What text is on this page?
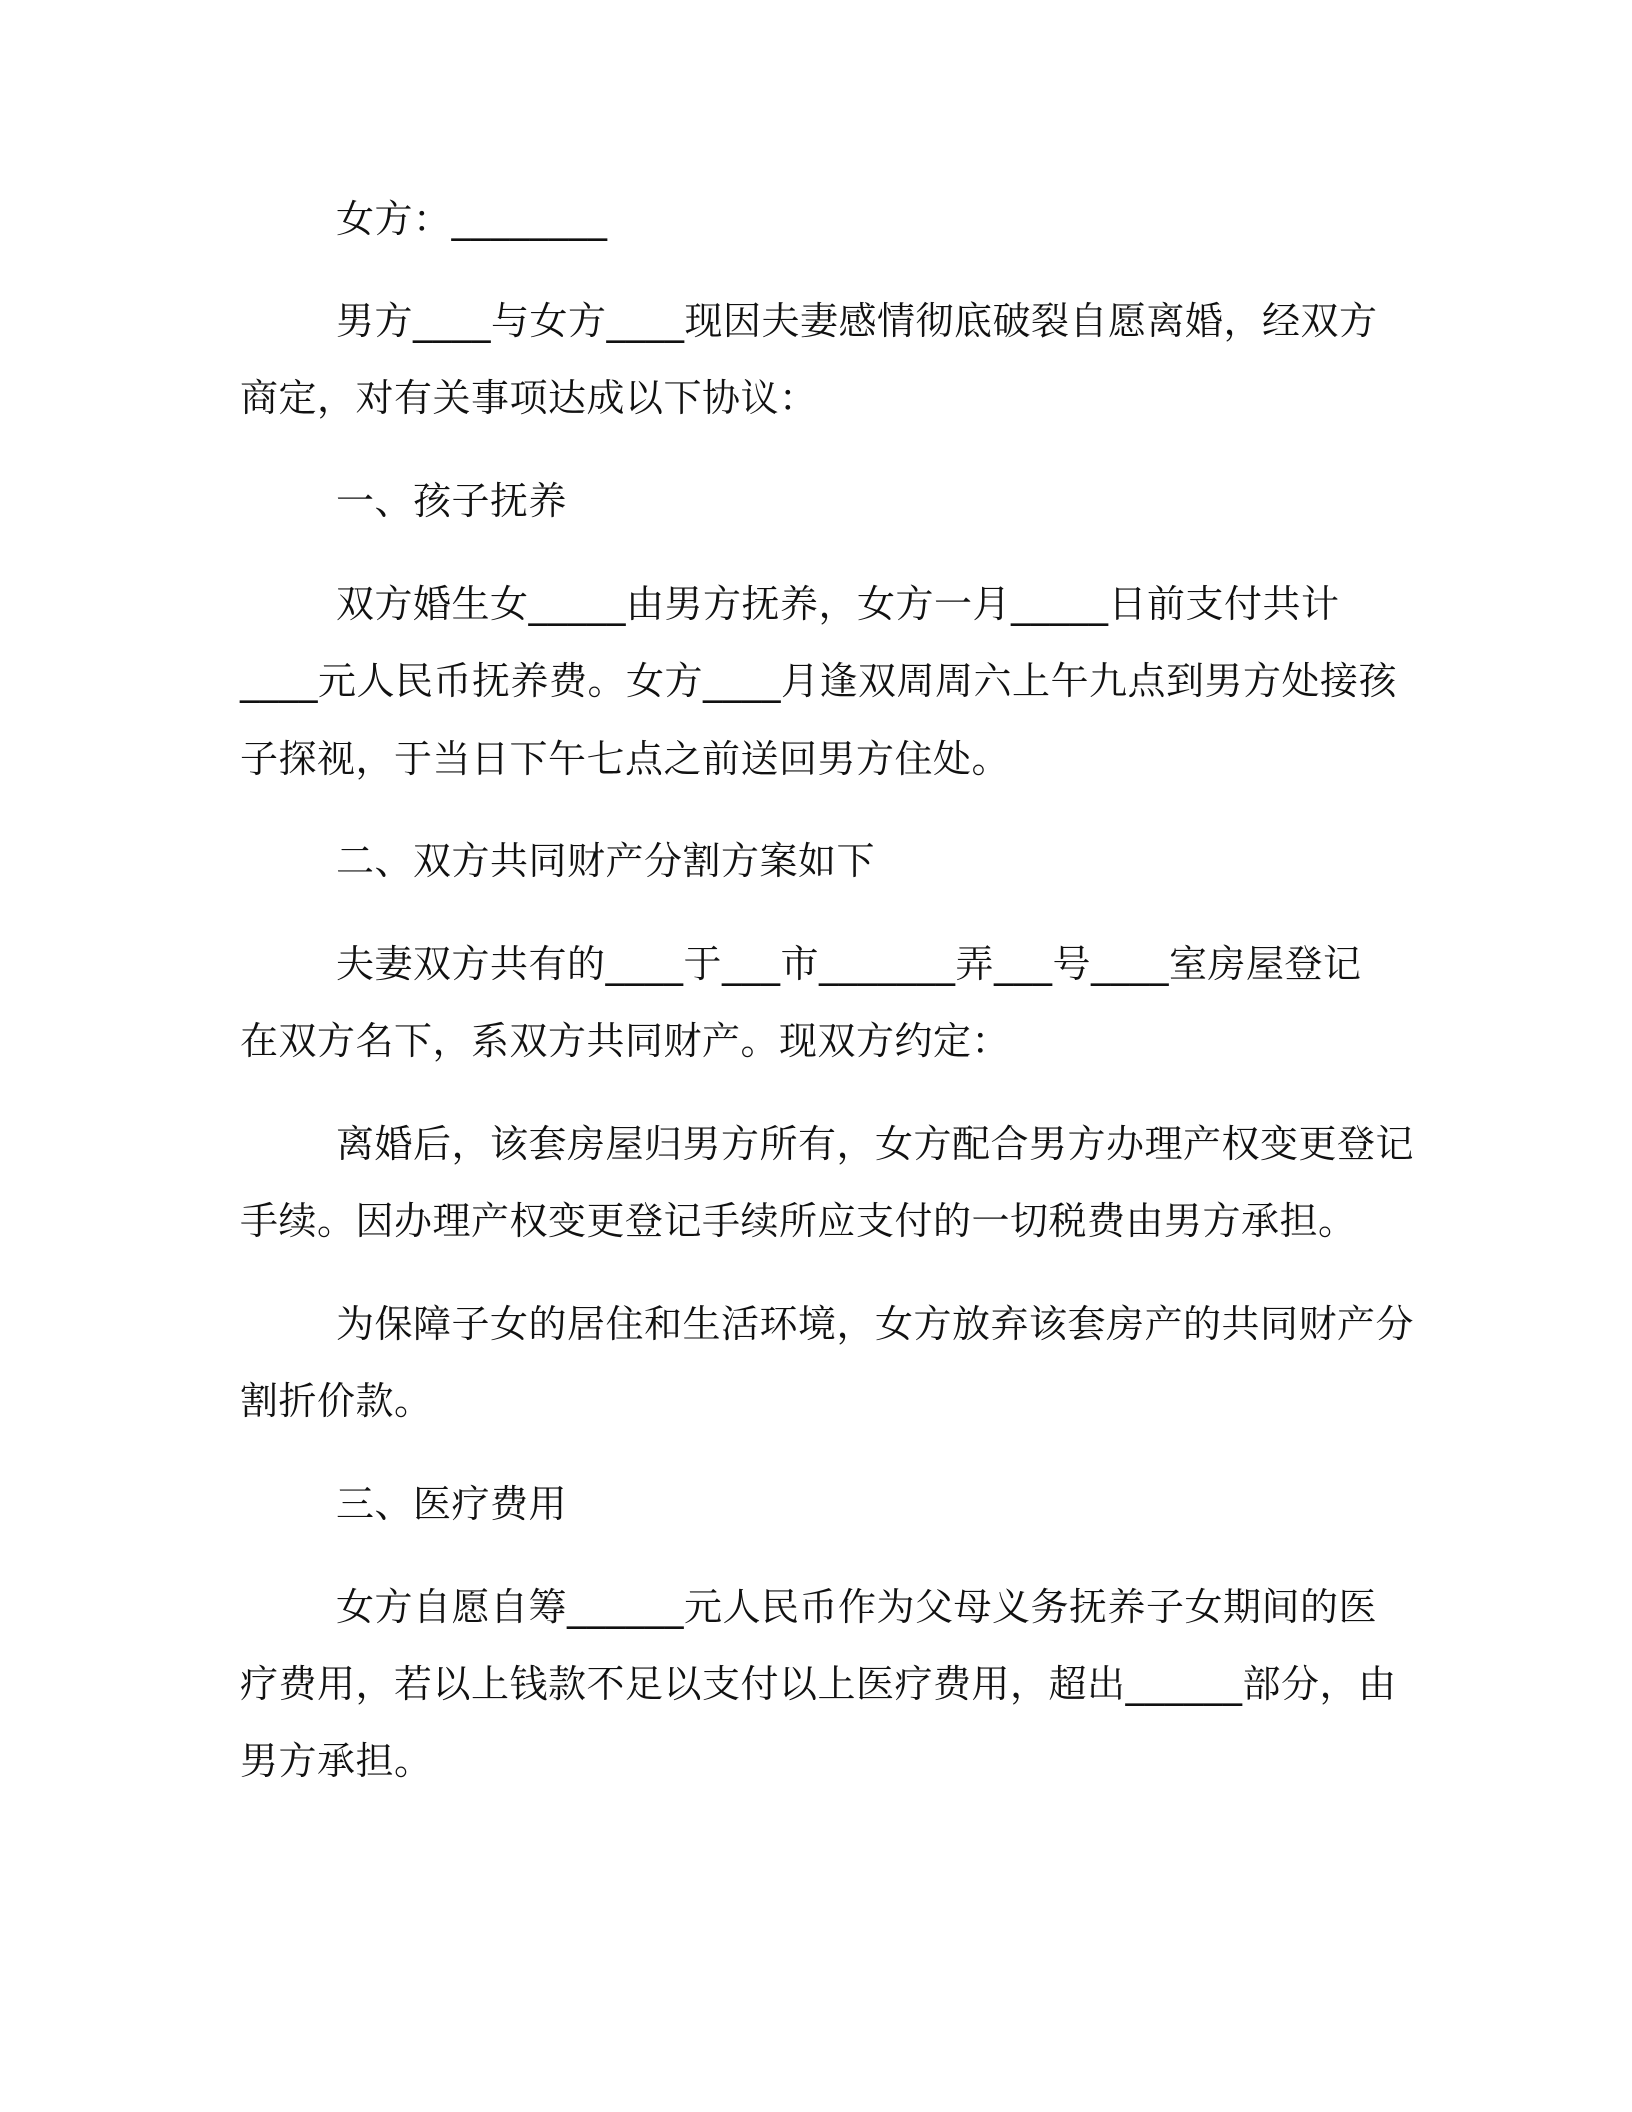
女方：________
男方____与女方____现因夫妻感情彻底破裂自愿离婚，经双方
商定，对有关事项达成以下协议：
一、孩子抚养
双方婚生女_____由男方抚养，女方一月_____日前支付共计
____元人民币抚养费。女方____月逢双周周六上午九点到男方处接孩
子探视，于当日下午七点之前送回男方住处。
二、双方共同财产分割方案如下
夫妻双方共有的____于___市_______弄___号____室房屋登记
在双方名下，系双方共同财产。现双方约定：
离婚后，该套房屋归男方所有，女方配合男方办理产权变更登记
手续。因办理产权变更登记手续所应支付的一切税费由男方承担。
为保障子女的居住和生活环境，女方放弃该套房产的共同财产分
割折价款。
三、医疗费用
女方自愿自筹______元人民币作为父母义务抚养子女期间的医
疗费用，若以上钱款不足以支付以上医疗费用，超出______部分，由
男方承担。
